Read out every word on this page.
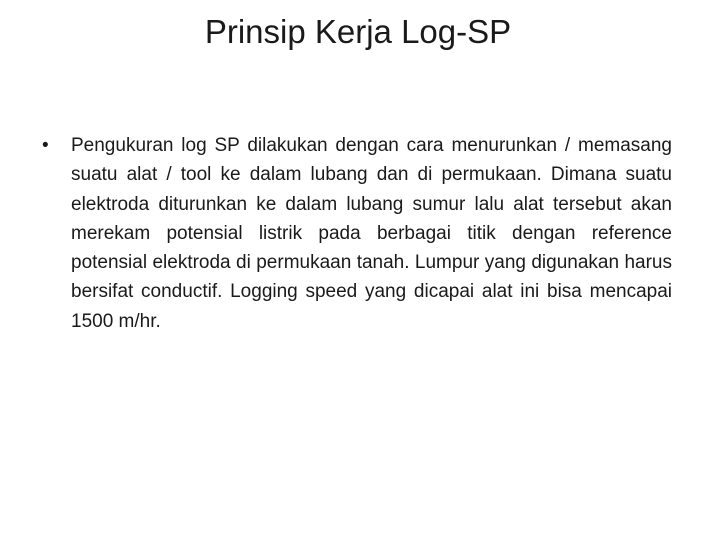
Prinsip Kerja Log-SP
• Pengukuran log SP dilakukan dengan cara menurunkan / memasang suatu alat / tool ke dalam lubang dan di permukaan. Dimana suatu elektroda diturunkan ke dalam lubang sumur lalu alat tersebut akan merekam potensial listrik pada berbagai titik dengan reference potensial elektroda di permukaan tanah. Lumpur yang digunakan harus bersifat conductif. Logging speed yang dicapai alat ini bisa mencapai 1500 m/hr.
